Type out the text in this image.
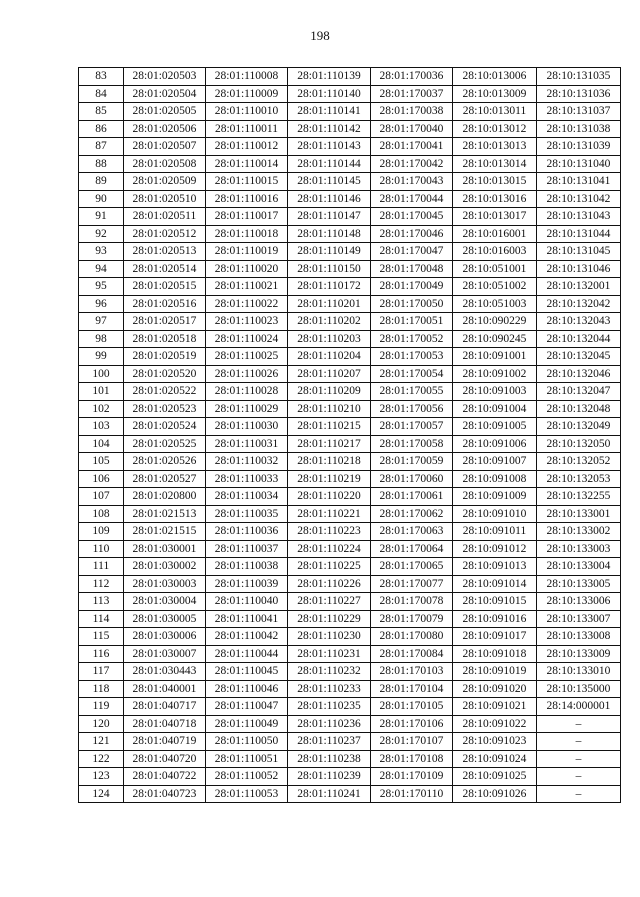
198
83	28:01:020503	28:01:110008	28:01:110139	28:01:170036	28:10:013006	28:10:131035
84	28:01:020504	28:01:110009	28:01:110140	28:01:170037	28:10:013009	28:10:131036
85	28:01:020505	28:01:110010	28:01:110141	28:01:170038	28:10:013011	28:10:131037
86	28:01:020506	28:01:110011	28:01:110142	28:01:170040	28:10:013012	28:10:131038
87	28:01:020507	28:01:110012	28:01:110143	28:01:170041	28:10:013013	28:10:131039
88	28:01:020508	28:01:110014	28:01:110144	28:01:170042	28:10:013014	28:10:131040
89	28:01:020509	28:01:110015	28:01:110145	28:01:170043	28:10:013015	28:10:131041
90	28:01:020510	28:01:110016	28:01:110146	28:01:170044	28:10:013016	28:10:131042
91	28:01:020511	28:01:110017	28:01:110147	28:01:170045	28:10:013017	28:10:131043
92	28:01:020512	28:01:110018	28:01:110148	28:01:170046	28:10:016001	28:10:131044
93	28:01:020513	28:01:110019	28:01:110149	28:01:170047	28:10:016003	28:10:131045
94	28:01:020514	28:01:110020	28:01:110150	28:01:170048	28:10:051001	28:10:131046
95	28:01:020515	28:01:110021	28:01:110172	28:01:170049	28:10:051002	28:10:132001
96	28:01:020516	28:01:110022	28:01:110201	28:01:170050	28:10:051003	28:10:132042
97	28:01:020517	28:01:110023	28:01:110202	28:01:170051	28:10:090229	28:10:132043
98	28:01:020518	28:01:110024	28:01:110203	28:01:170052	28:10:090245	28:10:132044
99	28:01:020519	28:01:110025	28:01:110204	28:01:170053	28:10:091001	28:10:132045
100	28:01:020520	28:01:110026	28:01:110207	28:01:170054	28:10:091002	28:10:132046
101	28:01:020522	28:01:110028	28:01:110209	28:01:170055	28:10:091003	28:10:132047
102	28:01:020523	28:01:110029	28:01:110210	28:01:170056	28:10:091004	28:10:132048
103	28:01:020524	28:01:110030	28:01:110215	28:01:170057	28:10:091005	28:10:132049
104	28:01:020525	28:01:110031	28:01:110217	28:01:170058	28:10:091006	28:10:132050
105	28:01:020526	28:01:110032	28:01:110218	28:01:170059	28:10:091007	28:10:132052
106	28:01:020527	28:01:110033	28:01:110219	28:01:170060	28:10:091008	28:10:132053
107	28:01:020800	28:01:110034	28:01:110220	28:01:170061	28:10:091009	28:10:132255
108	28:01:021513	28:01:110035	28:01:110221	28:01:170062	28:10:091010	28:10:133001
109	28:01:021515	28:01:110036	28:01:110223	28:01:170063	28:10:091011	28:10:133002
110	28:01:030001	28:01:110037	28:01:110224	28:01:170064	28:10:091012	28:10:133003
111	28:01:030002	28:01:110038	28:01:110225	28:01:170065	28:10:091013	28:10:133004
112	28:01:030003	28:01:110039	28:01:110226	28:01:170077	28:10:091014	28:10:133005
113	28:01:030004	28:01:110040	28:01:110227	28:01:170078	28:10:091015	28:10:133006
114	28:01:030005	28:01:110041	28:01:110229	28:01:170079	28:10:091016	28:10:133007
115	28:01:030006	28:01:110042	28:01:110230	28:01:170080	28:10:091017	28:10:133008
116	28:01:030007	28:01:110044	28:01:110231	28:01:170084	28:10:091018	28:10:133009
117	28:01:030443	28:01:110045	28:01:110232	28:01:170103	28:10:091019	28:10:133010
118	28:01:040001	28:01:110046	28:01:110233	28:01:170104	28:10:091020	28:10:135000
119	28:01:040717	28:01:110047	28:01:110235	28:01:170105	28:10:091021	28:14:000001
120	28:01:040718	28:01:110049	28:01:110236	28:01:170106	28:10:091022	–
121	28:01:040719	28:01:110050	28:01:110237	28:01:170107	28:10:091023	–
122	28:01:040720	28:01:110051	28:01:110238	28:01:170108	28:10:091024	–
123	28:01:040722	28:01:110052	28:01:110239	28:01:170109	28:10:091025	–
124	28:01:040723	28:01:110053	28:01:110241	28:01:170110	28:10:091026	–
